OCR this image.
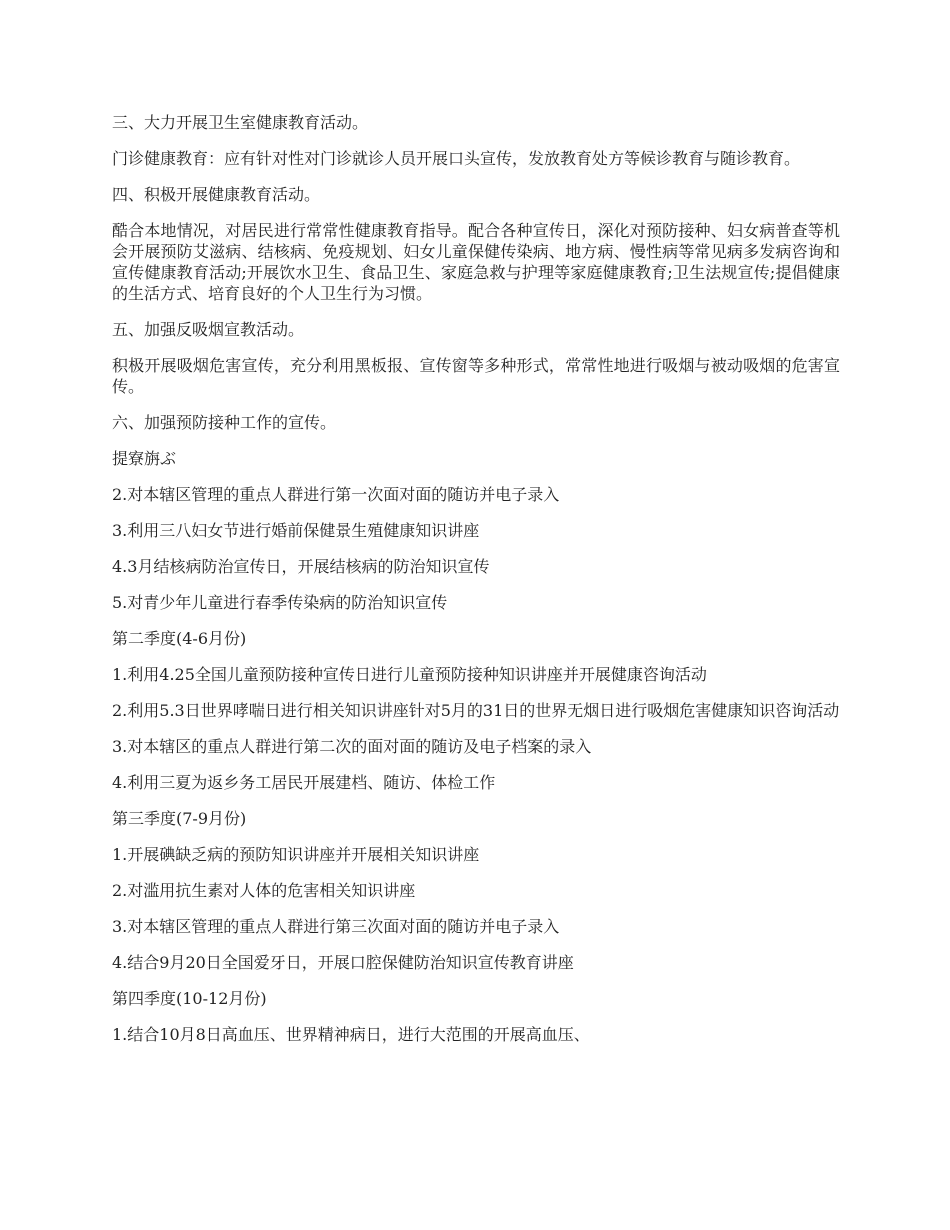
三、大力开展卫生室健康教育活动。

门诊健康教育：应有针对性对门诊就诊人员开展口头宣传，发放教育处方等候诊教育与随诊教育。

四、积极开展健康教育活动。

酷合本地情况，对居民进行常常性健康教育指导。配合各种宣传日，深化对预防接种、妇女病普查等机会开展预防艾滋病、结核病、免疫规划、妇女儿童保健传染病、地方病、慢性病等常见病多发病咨询和宣传健康教育活动;开展饮水卫生、食品卫生、家庭急救与护理等家庭健康教育;卫生法规宣传;提倡健康的生活方式、培育良好的个人卫生行为习惯。

五、加强反吸烟宣教活动。

积极开展吸烟危害宣传，充分利用黑板报、宣传窗等多种形式，常常性地进行吸烟与被动吸烟的危害宣传。

六、加强预防接种工作的宣传。

提寮旃ぶ

2.对本辖区管理的重点人群进行第一次面对面的随访并电子录入

3.利用三八妇女节进行婚前保健景生殖健康知识讲座

4.3月结核病防治宣传日，开展结核病的防治知识宣传

5.对青少年儿童进行春季传染病的防治知识宣传

第二季度(4-6月份)

1.利用4.25全国儿童预防接种宣传日进行儿童预防接种知识讲座并开展健康咨询活动

2.利用5.3日世界哮喘日进行相关知识讲座针对5月的31日的世界无烟日进行吸烟危害健康知识咨询活动

3.对本辖区的重点人群进行第二次的面对面的随访及电子档案的录入

4.利用三夏为返乡务工居民开展建档、随访、体检工作

第三季度(7-9月份)

1.开展碘缺乏病的预防知识讲座并开展相关知识讲座

2.对滥用抗生素对人体的危害相关知识讲座

3.对本辖区管理的重点人群进行第三次面对面的随访并电子录入

4.结合9月20日全国爱牙日，开展口腔保健防治知识宣传教育讲座

第四季度(10-12月份)

1.结合10月8日高血压、世界精神病日，进行大范围的开展高血压、
